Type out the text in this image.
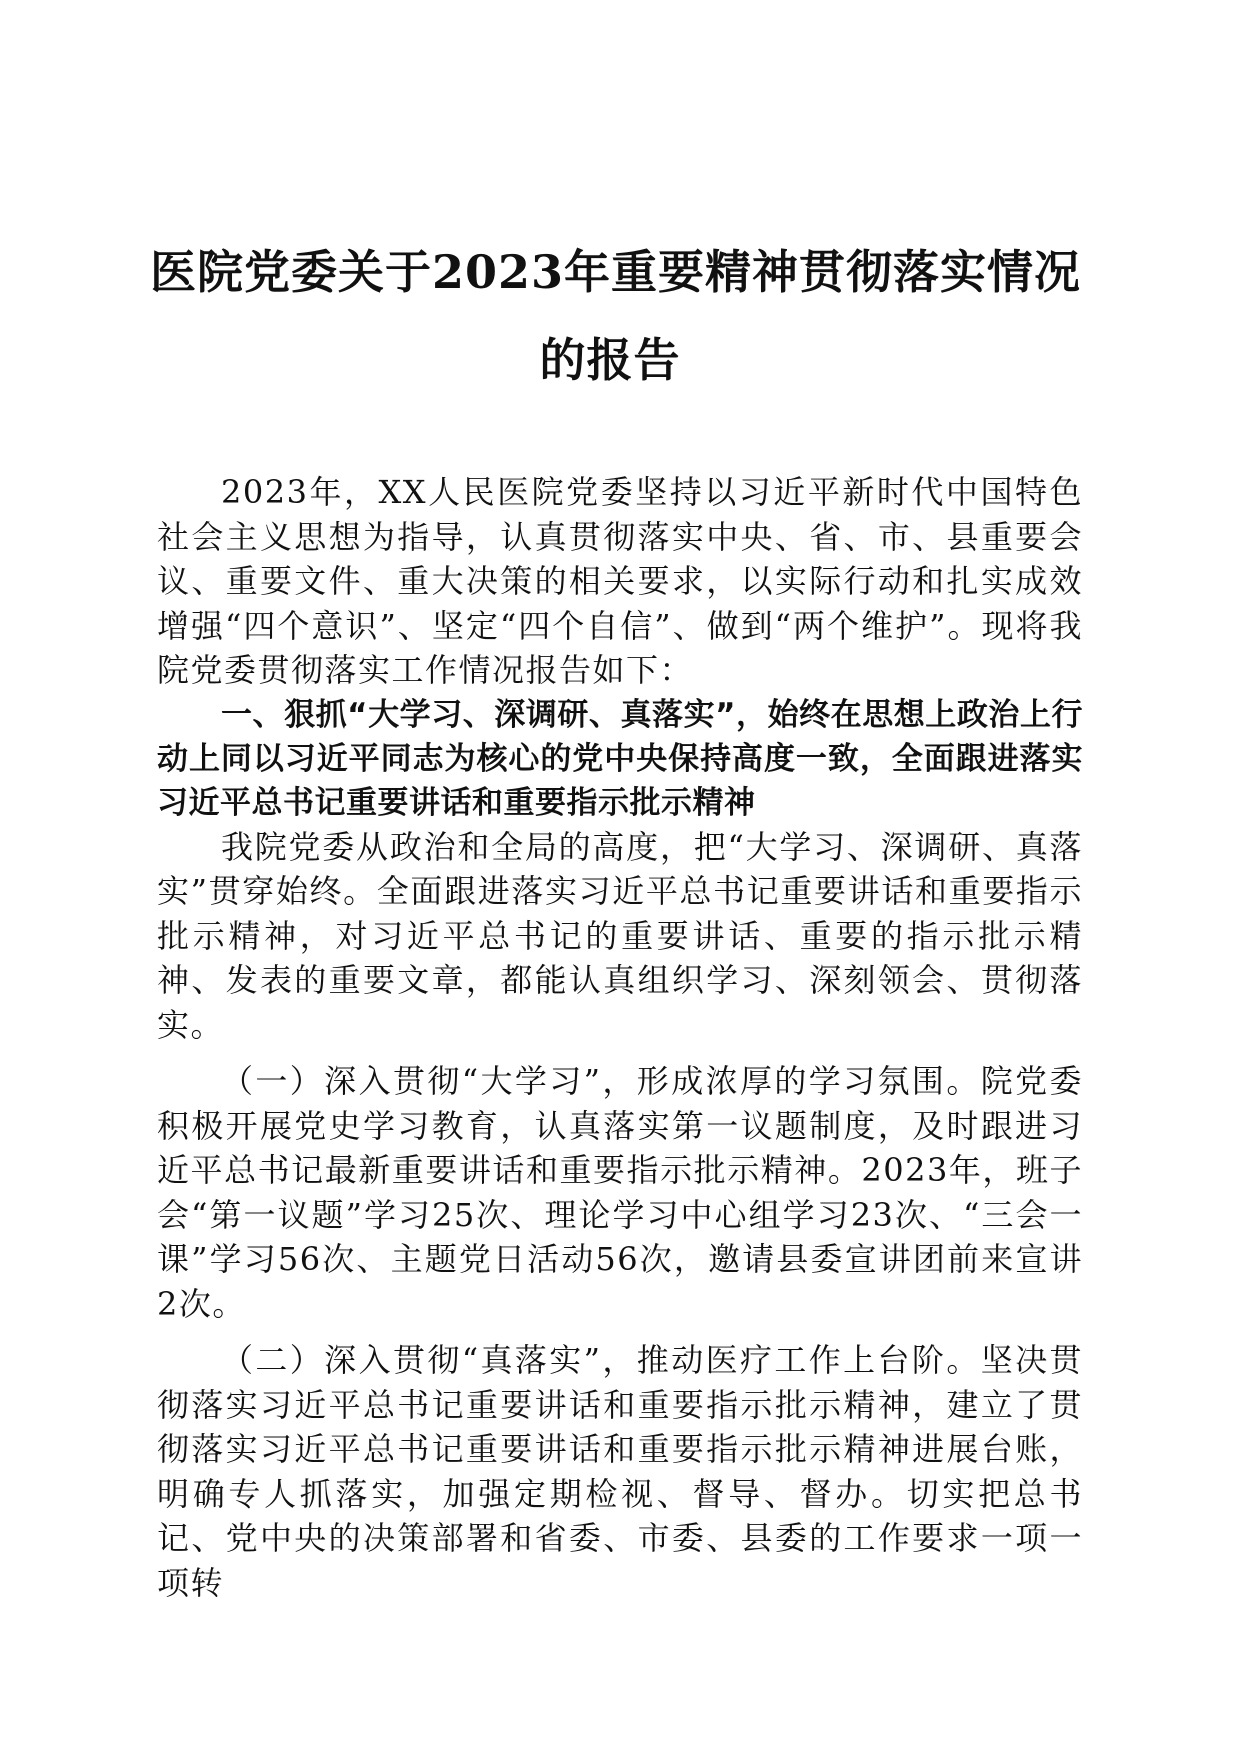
医院党委关于2023年重要精神贯彻落实情况
的报告

2023年，XX人民医院党委坚持以习近平新时代中国特色社会主义思想为指导，认真贯彻落实中央、省、市、县重要会议、重要文件、重大决策的相关要求，以实际行动和扎实成效增强“四个意识”、坚定“四个自信”、做到“两个维护”。现将我院党委贯彻落实工作情况报告如下：

一、狠抓“大学习、深调研、真落实”，始终在思想上政治上行动上同以习近平同志为核心的党中央保持高度一致，全面跟进落实习近平总书记重要讲话和重要指示批示精神

我院党委从政治和全局的高度，把“大学习、深调研、真落实”贯穿始终。全面跟进落实习近平总书记重要讲话和重要指示批示精神，对习近平总书记的重要讲话、重要的指示批示精神、发表的重要文章，都能认真组织学习、深刻领会、贯彻落实。

（一）深入贯彻“大学习”，形成浓厚的学习氛围。院党委积极开展党史学习教育，认真落实第一议题制度，及时跟进习近平总书记最新重要讲话和重要指示批示精神。2023年，班子会“第一议题”学习25次、理论学习中心组学习23次、“三会一课”学习56次、主题党日活动56次，邀请县委宣讲团前来宣讲2次。

（二）深入贯彻“真落实”，推动医疗工作上台阶。坚决贯彻落实习近平总书记重要讲话和重要指示批示精神，建立了贯彻落实习近平总书记重要讲话和重要指示批示精神进展台账，明确专人抓落实，加强定期检视、督导、督办。切实把总书记、党中央的决策部署和省委、市委、县委的工作要求一项一项转
